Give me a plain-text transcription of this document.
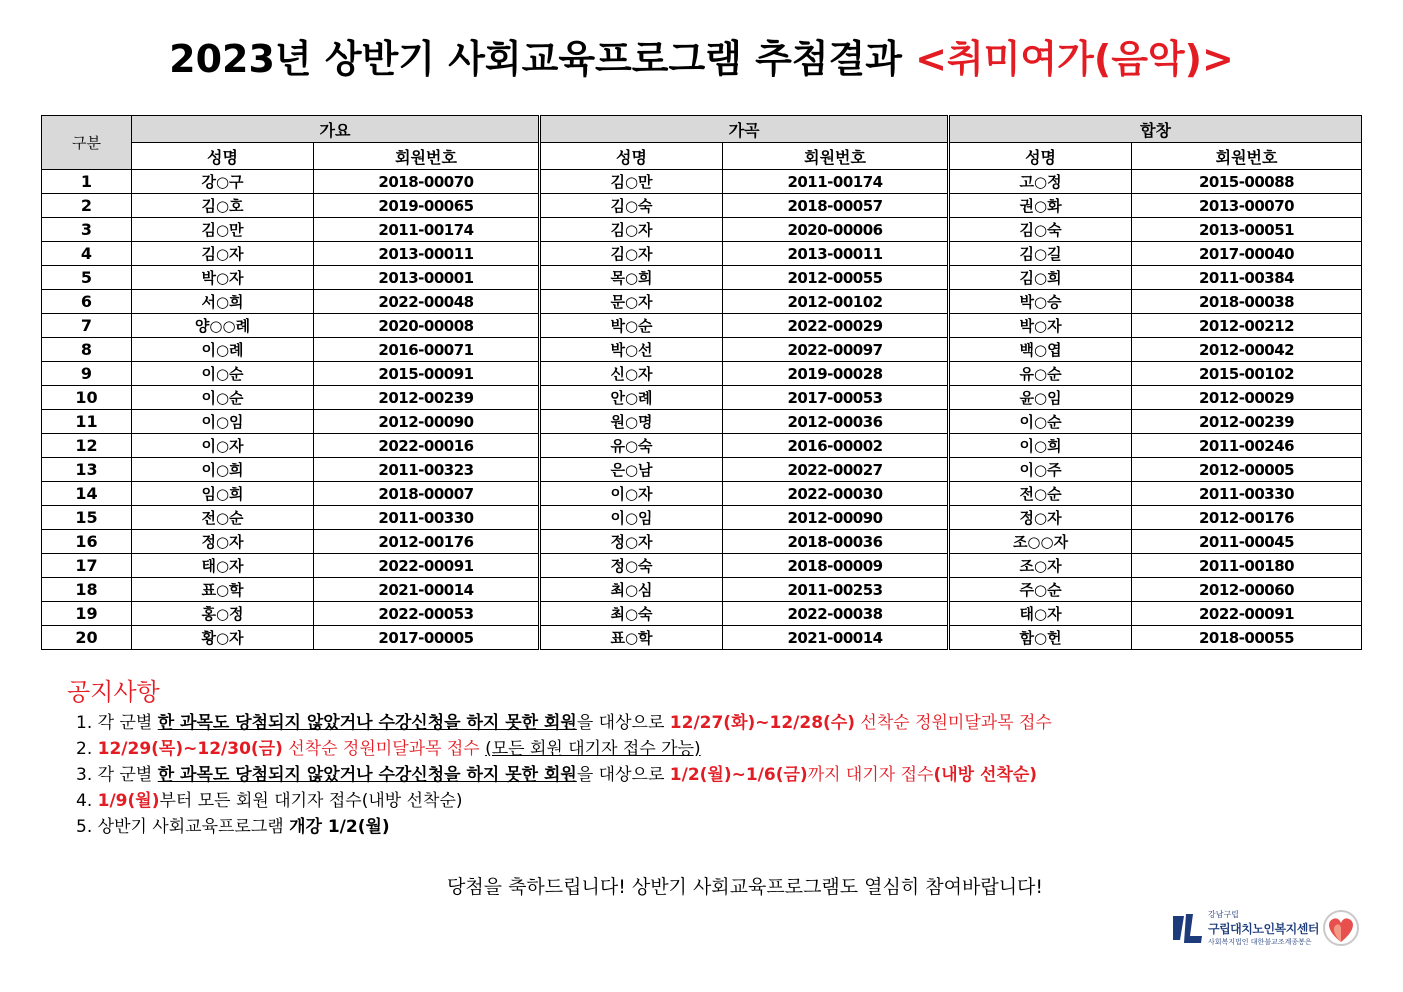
2023년 상반기 사회교육프로그램 추첨결과 <취미여가(음악)>
구분	가요		가곡		합창	
	성명	회원번호	성명	회원번호	성명	회원번호
1	강○구	2018-00070	김○만	2011-00174	고○정	2015-00088
2	김○호	2019-00065	김○숙	2018-00057	권○화	2013-00070
3	김○만	2011-00174	김○자	2020-00006	김○숙	2013-00051
4	김○자	2013-00011	김○자	2013-00011	김○길	2017-00040
5	박○자	2013-00001	목○희	2012-00055	김○희	2011-00384
6	서○희	2022-00048	문○자	2012-00102	박○승	2018-00038
7	양○○례	2020-00008	박○순	2022-00029	박○자	2012-00212
8	이○례	2016-00071	박○선	2022-00097	백○엽	2012-00042
9	이○순	2015-00091	신○자	2019-00028	유○순	2015-00102
10	이○순	2012-00239	안○례	2017-00053	윤○임	2012-00029
11	이○임	2012-00090	원○명	2012-00036	이○순	2012-00239
12	이○자	2022-00016	유○숙	2016-00002	이○희	2011-00246
13	이○희	2011-00323	은○남	2022-00027	이○주	2012-00005
14	임○희	2018-00007	이○자	2022-00030	전○순	2011-00330
15	전○순	2011-00330	이○임	2012-00090	정○자	2012-00176
16	정○자	2012-00176	정○자	2018-00036	조○○자	2011-00045
17	태○자	2022-00091	정○숙	2018-00009	조○자	2011-00180
18	표○학	2021-00014	최○심	2011-00253	주○순	2012-00060
19	홍○정	2022-00053	최○숙	2022-00038	태○자	2022-00091
20	황○자	2017-00005	표○학	2021-00014	함○헌	2018-00055
공지사항
1. 각 군별 한 과목도 당첨되지 않았거나 수강신청을 하지 못한 회원을 대상으로 12/27(화)~12/28(수) 선착순 정원미달과목 접수
2. 12/29(목)~12/30(금) 선착순 정원미달과목 접수 (모든 회원 대기자 접수 가능)
3. 각 군별 한 과목도 당첨되지 않았거나 수강신청을 하지 못한 회원을 대상으로 1/2(월)~1/6(금)까지 대기자 접수(내방 선착순)
4. 1/9(월)부터 모든 회원 대기자 접수(내방 선착순)
5. 상반기 사회교육프로그램 개강 1/2(월)
당첨을 축하드립니다! 상반기 사회교육프로그램도 열심히 참여바랍니다!
강남구립
구립대치노인복지센터
사회복지법인 대한불교조계종봉은
